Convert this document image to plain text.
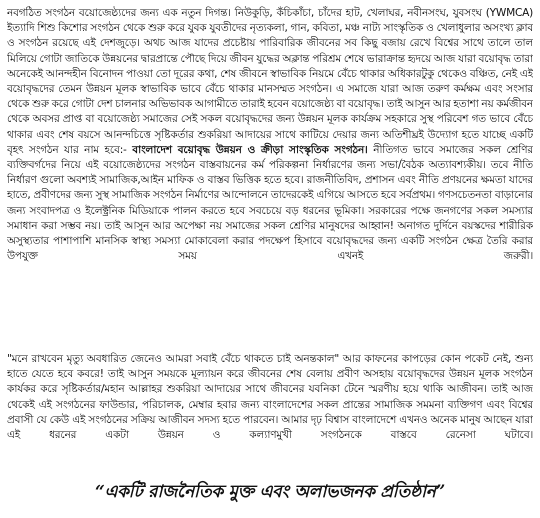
নবগঠিত সংগঠন বয়োজেষ্ঠ্যদের জন্য এক নতুন দিগন্ত। নিউকুড়ি, কঁচিকাঁচা, চাঁদের হাট, খেলাঘর, নবীনসংঘ, যুবসংঘ (YWMCA) ইত্যাদি শিশু কিশোর সংগঠন থেকে শুরু করে যুবক যুবতীদের নৃত্যকলা, গান, কবিতা, মঞ্চ নাট্য সাংস্কৃতিক ও খেলাধুলার অসংখ্য ক্লাব ও সংগঠন রয়েছে এই দেশজুড়ে। অথচ আজ যাদের প্রচেষ্টায় পারিবারিক জীবনের সব কিছু বজায় রেখে বিশ্বের সাথে তালে তাল মিলিয়ে গোটা জাতিকে উন্নয়নের দ্বারপ্রান্তে পৌছে দিয়ে জীবন যুদ্ধের অক্লান্ত পরিশ্রম শেষে ভারাক্রান্ত হৃদয়ে আজ যারা বয়োবৃদ্ধ তারা অনেকেই আনন্দহীন বিনোদন পাওয়া তো দূরের কথা, শেষ জীবনে স্বাভাবিক নিয়মে বেঁচে থাকার অধিকারটুকু থেকেও বঞ্চিত, নেই এই বয়োবৃদ্ধদের তেমন উন্নয়ন মূলক স্বাভাবিক ভাবে বেঁচে থাকার মানসম্মত সংগঠন। এ সমাজে যারা আজ তরুণ কর্মক্ষম এবং সংসার থেকে শুরু করে গোটা দেশ চালনার অভিভাবক আগামীতে তারাই হবেন বয়োজেষ্ঠ্য বা বয়োবৃদ্ধ। তাই আসুন আর হতাশা নয় কর্মজীবন থেকে অবসর প্রাপ্ত বা বয়োজেষ্ঠ্য সমাজের সেই সকল বয়োবৃদ্ধদের জন্য উন্নয়ন মূলক কার্যক্রম সহকারে সুস্থ পরিবেশ গত ভাবে বেঁচে থাকার এবং শেষ বয়সে আনন্দচিত্তে সৃষ্টিকর্তার শুকরিয়া আদায়ের সাথে কাটিয়ে দেয়ার জন্য অতিশীঘ্রই উদ্যোগ হতে যাচ্ছে একটি বৃহৎ সংগঠন যার নাম হবে:- বাংলাদেশ বয়োবৃদ্ধ উন্নয়ন ও ক্রীড়া সাংস্কৃতিক সংগঠন। নীতিগত ভাবে সমাজের সকল শ্রেণির ব্যক্তিবর্গদের নিয়ে এই বয়োজেষ্ঠ্যদের সংগঠন বাস্তবায়নের কর্ম পরিকল্পনা নির্ধারণের জন্য সভা/বৈঠক অত্যাবশ্যকীয়। তবে নীতি নির্ধারণ গুলো অবশ্যই সামাজিক,আইন মাফিক ও বাস্তব ভিত্তিক হতে হবে। রাজনীতিবিদ, প্রশাসন এবং নীতি প্রণয়নের ক্ষমতা যাদের হাতে, প্রবীণদের জন্য সুস্থ সামাজিক সংগঠন নির্মাণের আন্দোলনে তাদেরকেই এগিয়ে আসতে হবে সর্বপ্রথম। গণসচেতনতা বাড়ানোর জন্য সংবাদপত্র ও ইলেক্ট্রনিক মিডিয়াকে পালন করতে হবে সবচেয়ে বড় ধরনের ভূমিকা। সরকারের পক্ষে জনগণের সকল সমস্যার সমাধান করা সম্ভব নয়। তাই আসুন আর অপেক্ষা নয় সমাজের সকল শ্রেণির মানুষদের আহ্বান! অনাগত দুর্দিনে বয়স্কদের শারীরিক অসুস্থ্যতার পাশাপাশি মানসিক স্বাস্থ্য সমস্যা মোকাবেলা করার পদক্ষেপ হিসাবে বয়োবৃদ্ধদের জন্য একটি সংগঠন ক্ষেত্র তৈরি করার উপযুক্ত সময় এখনই জরুরী।

"মনে রাখবেন মৃত্যু অবধারিত জেনেও আমরা সবাই বেঁচে থাকতে চাই অনন্তকাল" আর কাফনের কাপড়ের কোন পকেট নেই, শুন্য হাতে যেতে হবে কবরে! তাই আসুন সময়কে মূল্যায়ন করে জীবনের শেষ বেলায় প্রবীণ অসহায় বয়োবৃদ্ধদের উন্নয়ন মূলক সংগঠন কার্যকর করে সৃষ্টিকর্তার/মহান আল্লাহর শুকরিয়া আদায়ের সাথে জীবনের যবনিকা টেনে স্মরণীয় হয়ে থাকি আজীবন। তাই আজ থেকেই এই সংগঠনের ফাউন্ডার, পরিচালক, মেম্বার হবার জন্য বাংলাদেশের সকল প্রান্তের সামাজিক সমমনা ব্যক্তিগণ এবং বিশ্বের প্রবাসী যে কেউ এই সংগঠনের সক্রিয় আজীবন সদস্য হতে পারবেন। আমার দৃঢ় বিশ্বাস বাংলাদেশে এখনও অনেক মানুষ আছেন যারা এই ধরনের একটা উন্নয়ন ও কল্যাণমুখী সংগঠনকে বাস্তবে রেনেসা ঘটাবে।

“একটি রাজনৈতিক মুক্ত এবং অলাভজনক প্রতিষ্ঠান”
